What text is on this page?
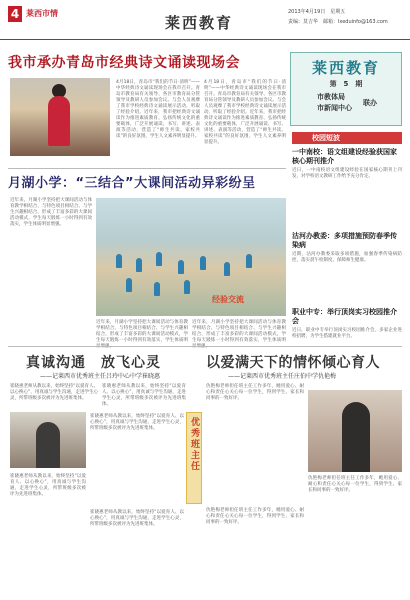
4 莱西市情
莱西教育
2013年4月19日　星期五
责编：莫吉华　邮箱：lxeduinfo@163.com
我市承办青岛市经典诗文诵读现场会
4月18日，青岛市“我们的节日·清明”——中华经典诗文诵读现场会在我市召开。青岛市教育局有关领导、各区市教育局分管领导及教研人员参加会议。与会人员观摩了我市学校经典诗文诵读展示活动，听取了经验介绍。近年来，我市把经典诗文诵读作为推进素质教育、弘扬传统文化的重要载体，广泛开展诵读、书写、讲述、表演等活动，营造了“师生共读、家校共读”的良好氛围，学生人文素养明显提升。
4月18日，青岛市“我们的节日·清明”——中华经典诗文诵读现场会在我市召开。青岛市教育局有关领导、各区市教育局分管领导及教研人员参加会议。与会人员观摩了我市学校经典诗文诵读展示活动，听取了经验介绍。近年来，我市把经典诗文诵读作为推进素质教育、弘扬传统文化的重要载体，广泛开展诵读、书写、讲述、表演等活动，营造了“师生共读、家校共读”的良好氛围，学生人文素养明显提升。
莱西教育
第　5　期
市教体局
市新闻中心
联办
校园短波
一中南校：语文组建设经验获国家核心期刊推介
近日，一中南校语文组建设经验在国家核心期刊上刊发，对学校语文教研工作给予充分肯定。
沽河办教委：多项措施预防春季传染病
近期，沽河办教委采取多项措施，加强春季传染病防控，落实晨午检制度，保障师生健康。
职业中专：举行顶岗实习校园推介会
近日，职业中专举行顶岗实习校园推介会，多家企业进校招聘，为学生搭建就业平台。
月湖小学：“三结合”大课间活动异彩纷呈
近年来，月湖小学坚持把大课间活动与体育教学相结合、与特色项目相结合、与学生兴趣相结合，形成了丰富多彩的大课间活动模式，学生每天锻炼一小时得到有效落实，学生体质明显增强。
经验交流
近年来，月湖小学坚持把大课间活动与体育教学相结合、与特色项目相结合、与学生兴趣相结合，形成了丰富多彩的大课间活动模式，学生每天锻炼一小时得到有效落实，学生体质明
近年来，月湖小学坚持把大课间活动与体育教学相结合、与特色项目相结合、与学生兴趣相结合，形成了丰富多彩的大课间活动模式，学生每天锻炼一小时得到有效落实，学生体质明
真诚沟通　放飞心灵
——记莱西市优秀班主任吕玲中心中学崔晓惠
崔晓惠老师从教以来，始终坚持“以爱育人、以心换心”，用真诚与学生沟通，走进学生心灵，所带班级多次被评为先进班集体。
崔晓惠老师从教以来，始终坚持“以爱育人、以心换心”，用真诚与学生沟通，走进学生心灵，所带班级多次被评为先进班集体。
崔晓惠老师从教以来，始终坚持“以爱育人、以心换心”，用真诚与学生沟通，走进学生心灵，所带班级多次被评为先进班集体。
崔晓惠老师从教以来，始终坚持“以爱育人、以心换心”，用真诚与学生沟通，走进学生心灵，所带班级多次被评为先进班集体。
崔晓惠老师从教以来，始终坚持“以爱育人、以心换心”，用真诚与学生沟通，走进学生心灵，所带班级多次被评为先进班集体。
优秀班主任
以爱满天下的情怀倾心育人
——记莱西市优秀班主任庄伯中学仇艳梅
仇艳梅老师担任班主任工作多年，她用爱心、耐心和责任心关心每一位学生，得到学生、家长和同事的一致好评。
仇艳梅老师担任班主任工作多年，她用爱心、耐心和责任心关心每一位学生，得到学生、家长和同事的一致好评。
仇艳梅老师担任班主任工作多年，她用爱心、耐心和责任心关心每一位学生，得到学生、家长和同事的一致好评。
